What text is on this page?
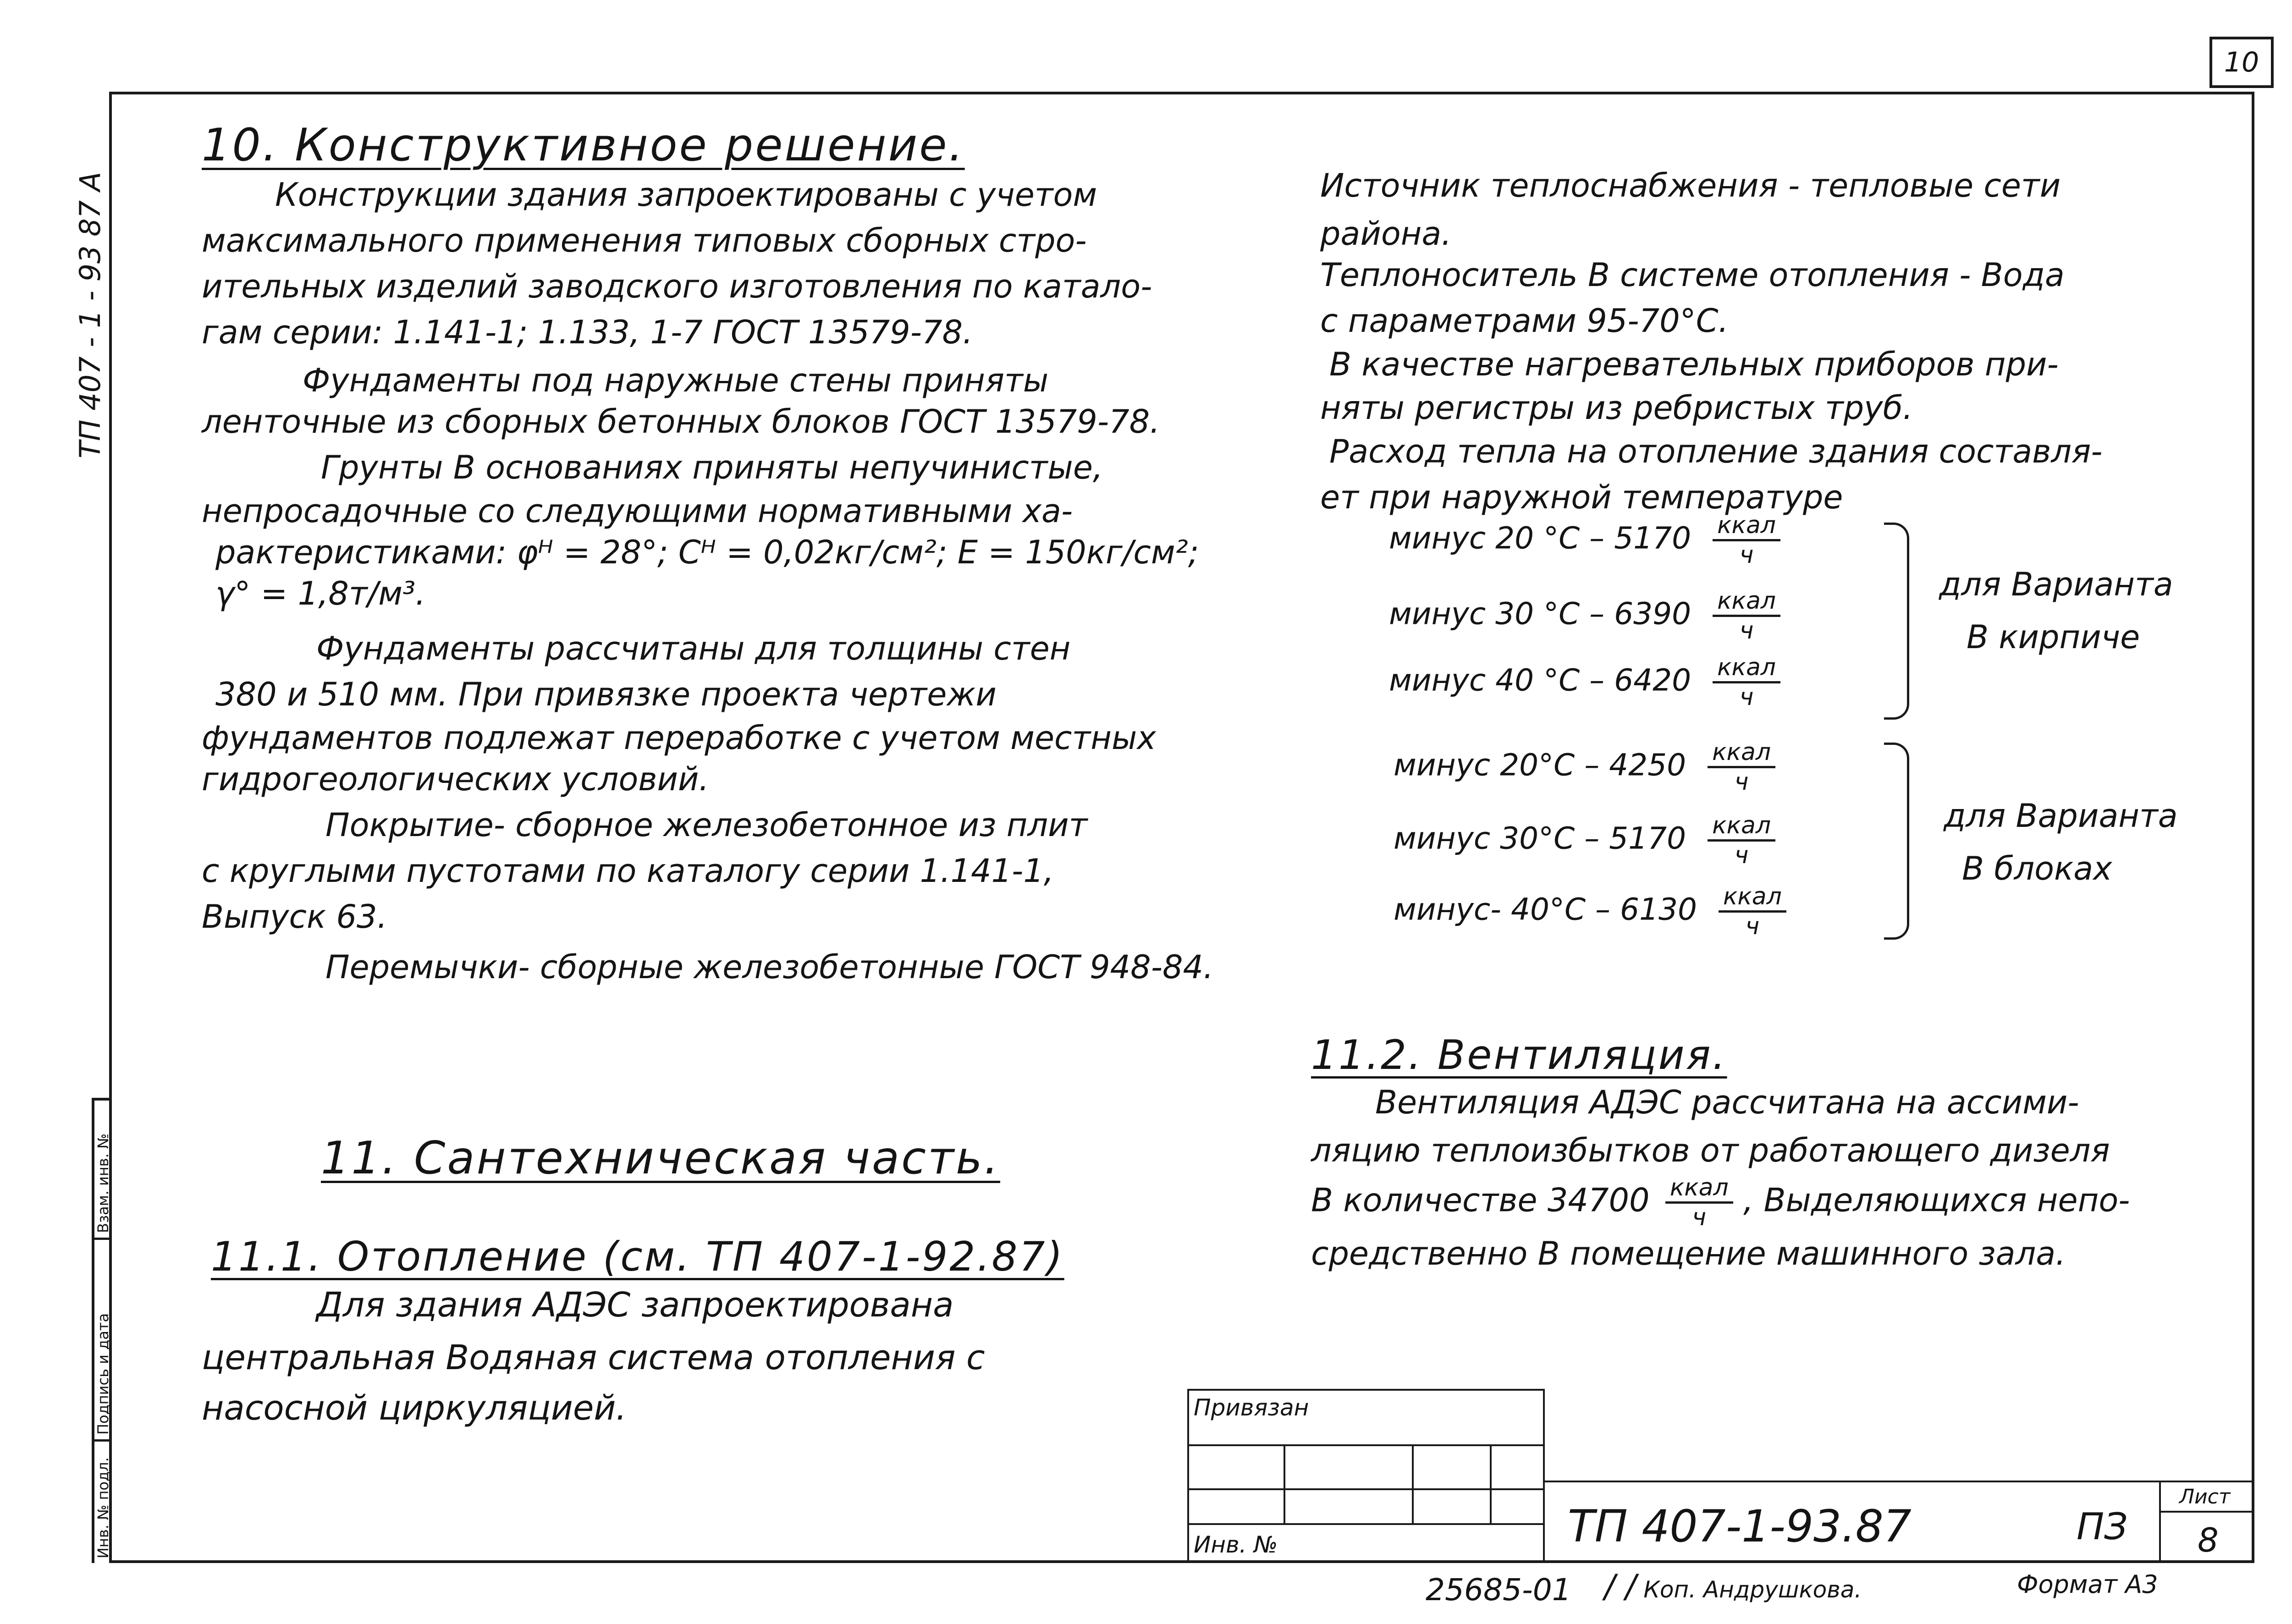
10
Инв. № подл.
Подпись и дата
Взам. инв. №
ТП 407 - 1 - 93 87 А
10. Конструктивное решение.
Конструкции здания запроектированы с учетом
максимального применения типовых сборных стро-
ительных изделий заводского изготовления по катало-
гам серии: 1.141-1; 1.133, 1-7 ГОСТ 13579-78.
Фундаменты под наружные стены приняты
ленточные из сборных бетонных блоков ГОСТ 13579-78.
Грунты В основаниях приняты непучинистые,
непросадочные со следующими нормативными ха-
рактеристиками: φᴴ = 28°; Cᴴ = 0,02кг/см²; E = 150кг/см²;
γ° = 1,8т/м³.
Фундаменты рассчитаны для толщины стен
380 и 510 мм. При привязке проекта чертежи
фундаментов подлежат переработке с учетом местных
гидрогеологических условий.
Покрытие- сборное железобетонное из плит
с круглыми пустотами по каталогу серии 1.141-1,
Выпуск 63.
Перемычки- сборные железобетонные ГОСТ 948-84.
11. Сантехническая часть.
11.1. Отопление (см. ТП 407-1-92.87)
Для здания АДЭС запроектирована
центральная Водяная система отопления с
насосной циркуляцией.
Источник теплоснабжения - тепловые сети
района.
Теплоноситель В системе отопления - Вода
с параметрами 95-70°С.
В качестве нагревательных приборов при-
няты регистры из ребристых труб.
Расход тепла на отопление здания составля-
ет при наружной температуре
минус 20 $^\circ С - 5170 \frac{\text{ккал}}{ч}$
минус 30 $^\circ С - 6390 \frac{\text{ккал}}{ч}$
минус 40 $^\circ С - 6420 \frac{\text{ккал}}{ч}$
для Варианта
В кирпиче
минус $20^\circ С - 4250 \frac{\text{ккал}}{ч}$
минус $30^\circ С - 5170 \frac{\text{ккал}}{ч}$
минус- $40^\circ С - 6130 \frac{\text{ккал}}{ч}$
для Варианта
В блоках
11.2. Вентиляция.
Вентиляция АДЭС рассчитана на ассими-
ляцию теплоизбытков от работающего дизеля
В количестве $34700 \frac{\text{ккал}}{ч}$ , Выделяющихся непо-
средственно В помещение машинного зала.
Привязан
Инв. №	ТП 407-1-93.87	ПЗ
Лист
8
25685-01 / / Коп. Андрушкова.	Формат А3
